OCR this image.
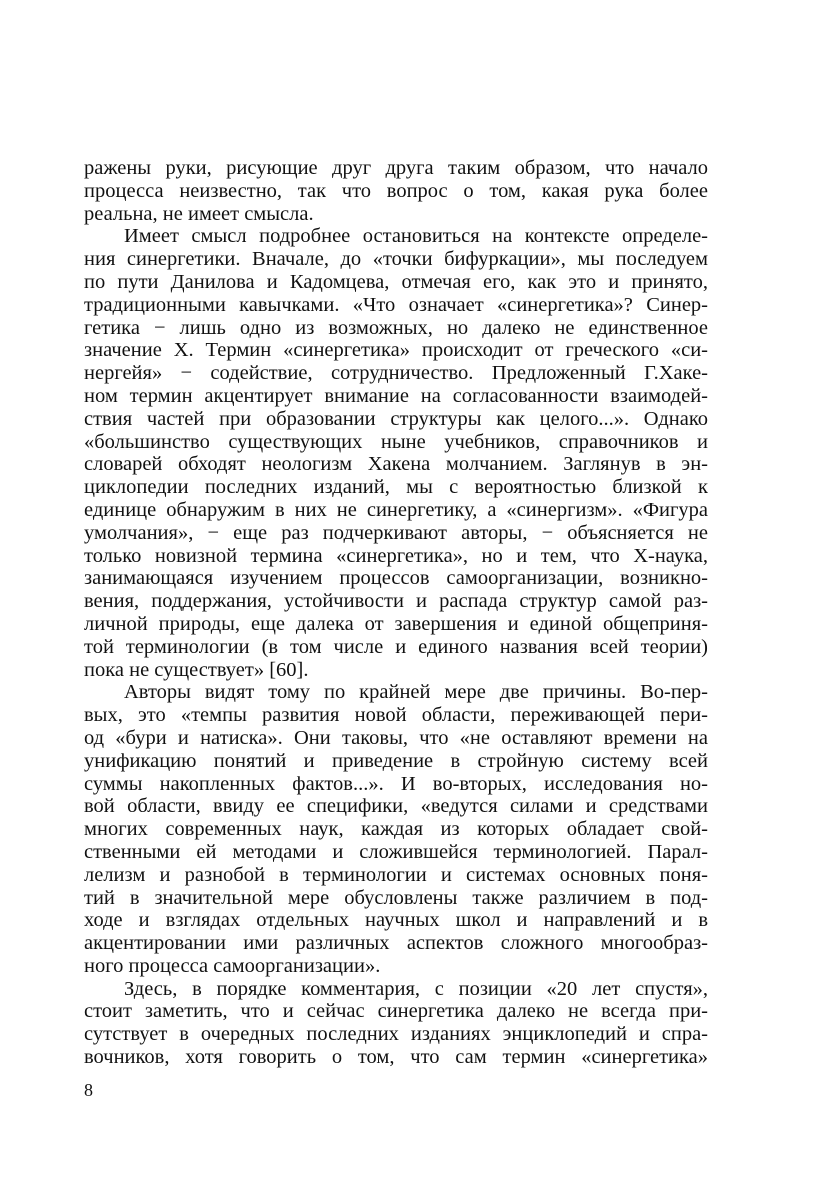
ражены руки, рисующие друг друга таким образом, что начало
процесса неизвестно, так что вопрос о том, какая рука более
реальна, не имеет смысла.
Имеет смысл подробнее остановиться на контексте определе-
ния синергетики. Вначале, до «точки бифуркации», мы последуем
по пути Данилова и Кадомцева, отмечая его, как это и принято,
традиционными кавычками. «Что означает «синергетика»? Синер-
гетика − лишь одно из возможных, но далеко не единственное
значение Х. Термин «синергетика» происходит от греческого «си-
нергейя» − содействие, сотрудничество. Предложенный Г.Хаке-
ном термин акцентирует внимание на согласованности взаимодей-
ствия частей при образовании структуры как целого...». Однако
«большинство существующих ныне учебников, справочников и
словарей обходят неологизм Хакена молчанием. Заглянув в эн-
циклопедии последних изданий, мы с вероятностью близкой к
единице обнаружим в них не синергетику, а «синергизм». «Фигура
умолчания», − еще раз подчеркивают авторы, − объясняется не
только новизной термина «синергетика», но и тем, что Х-наука,
занимающаяся изучением процессов самоорганизации, возникно-
вения, поддержания, устойчивости и распада структур самой раз-
личной природы, еще далека от завершения и единой общеприня-
той терминологии (в том числе и единого названия всей теории)
пока не существует» [60].
Авторы видят тому по крайней мере две причины. Во-пер-
вых, это «темпы развития новой области, переживающей пери-
од «бури и натиска». Они таковы, что «не оставляют времени на
унификацию понятий и приведение в стройную систему всей
суммы накопленных фактов...». И во-вторых, исследования но-
вой области, ввиду ее специфики, «ведутся силами и средствами
многих современных наук, каждая из которых обладает свой-
ственными ей методами и сложившейся терминологией. Парал-
лелизм и разнобой в терминологии и системах основных поня-
тий в значительной мере обусловлены также различием в под-
ходе и взглядах отдельных научных школ и направлений и в
акцентировании ими различных аспектов сложного многообраз-
ного процесса самоорганизации».
Здесь, в порядке комментария, с позиции «20 лет спустя»,
стоит заметить, что и сейчас синергетика далеко не всегда при-
сутствует в очередных последних изданиях энциклопедий и спра-
вочников, хотя говорить о том, что сам термин «синергетика»
8
